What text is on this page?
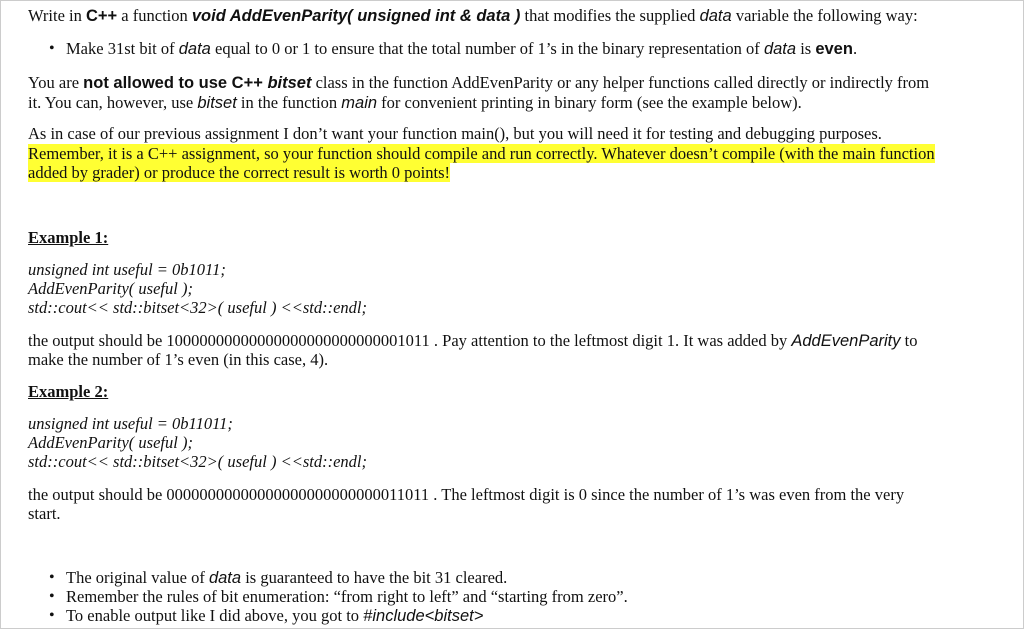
Write in C++ a function void AddEvenParity( unsigned int & data ) that modifies the supplied data variable the following way:
• Make 31st bit of data equal to 0 or 1 to ensure that the total number of 1’s in the binary representation of data is even.
You are not allowed to use C++ bitset class in the function AddEvenParity or any helper functions called directly or indirectly from
it. You can, however, use bitset in the function main for convenient printing in binary form (see the example below).
As in case of our previous assignment I don’t want your function main(), but you will need it for testing and debugging purposes.
Remember, it is a C++ assignment, so your function should compile and run correctly. Whatever doesn’t compile (with the main function
added by grader) or produce the correct result is worth 0 points!
Example 1:
unsigned int useful = 0b1011;
AddEvenParity( useful );
std::cout<< std::bitset<32>( useful ) <<std::endl;
the output should be 10000000000000000000000000001011 . Pay attention to the leftmost digit 1. It was added by AddEvenParity to
make the number of 1’s even (in this case, 4).
Example 2:
unsigned int useful = 0b11011;
AddEvenParity( useful );
std::cout<< std::bitset<32>( useful ) <<std::endl;
the output should be 00000000000000000000000000011011 . The leftmost digit is 0 since the number of 1’s was even from the very
start.
• The original value of data is guaranteed to have the bit 31 cleared.
• Remember the rules of bit enumeration: “from right to left” and “starting from zero”.
• To enable output like I did above, you got to #include<bitset>
